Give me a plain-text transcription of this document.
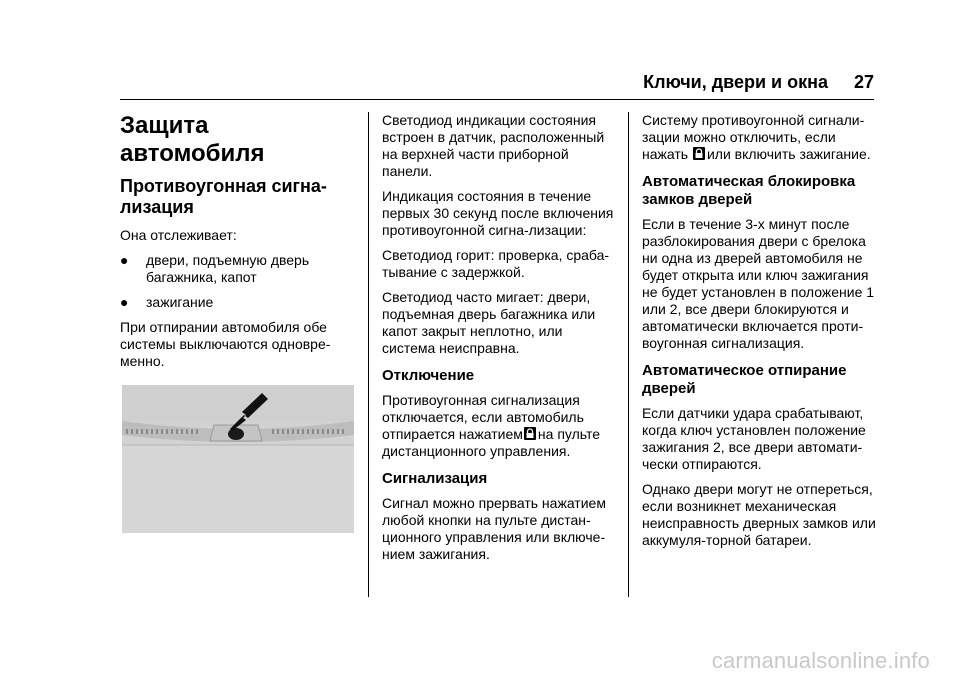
Ключи, двери и окна 27
Защита автомобиля
Противоугонная сигна-
лизация

Она отслеживает:

●	двери, подъемную дверь багажника, капот
●	зажигание

При отпирании автомобиля обе системы выключаются одновре-менно.

Светодиод индикации состояния встроен в датчик, расположенный на верхней части приборной панели.

Индикация состояния в течение первых 30 секунд после включения противоугонной сигна-лизации:

Светодиод горит: проверка, сраба-тывание с задержкой.

Светодиод часто мигает: двери, подъемная дверь багажника или капот закрыт неплотно, или система неисправна.

Отключение

Противоугонная сигнализация отключается, если автомобиль отпирается нажатием на пульте дистанционного управления.

Сигнализация

Сигнал можно прервать нажатием любой кнопки на пульте дистан-ционного управления или включе-нием зажигания.

Систему противоугонной сигнали-зации можно отключить, если нажать или включить зажигание.

Автоматическая блокировка замков дверей

Если в течение 3-х минут после разблокирования двери с брелока ни одна из дверей автомобиля не будет открыта или ключ зажигания не будет установлен в положение 1 или 2, все двери блокируются и автоматически включается проти-воугонная сигнализация.

Автоматическое отпирание дверей

Если датчики удара срабатывают, когда ключ установлен положение зажигания 2, все двери автомати-чески отпираются.

Однако двери могут не отпереться, если возникнет механическая неисправность дверных замков или аккумуля-торной батареи.

carmanualsonline.info
